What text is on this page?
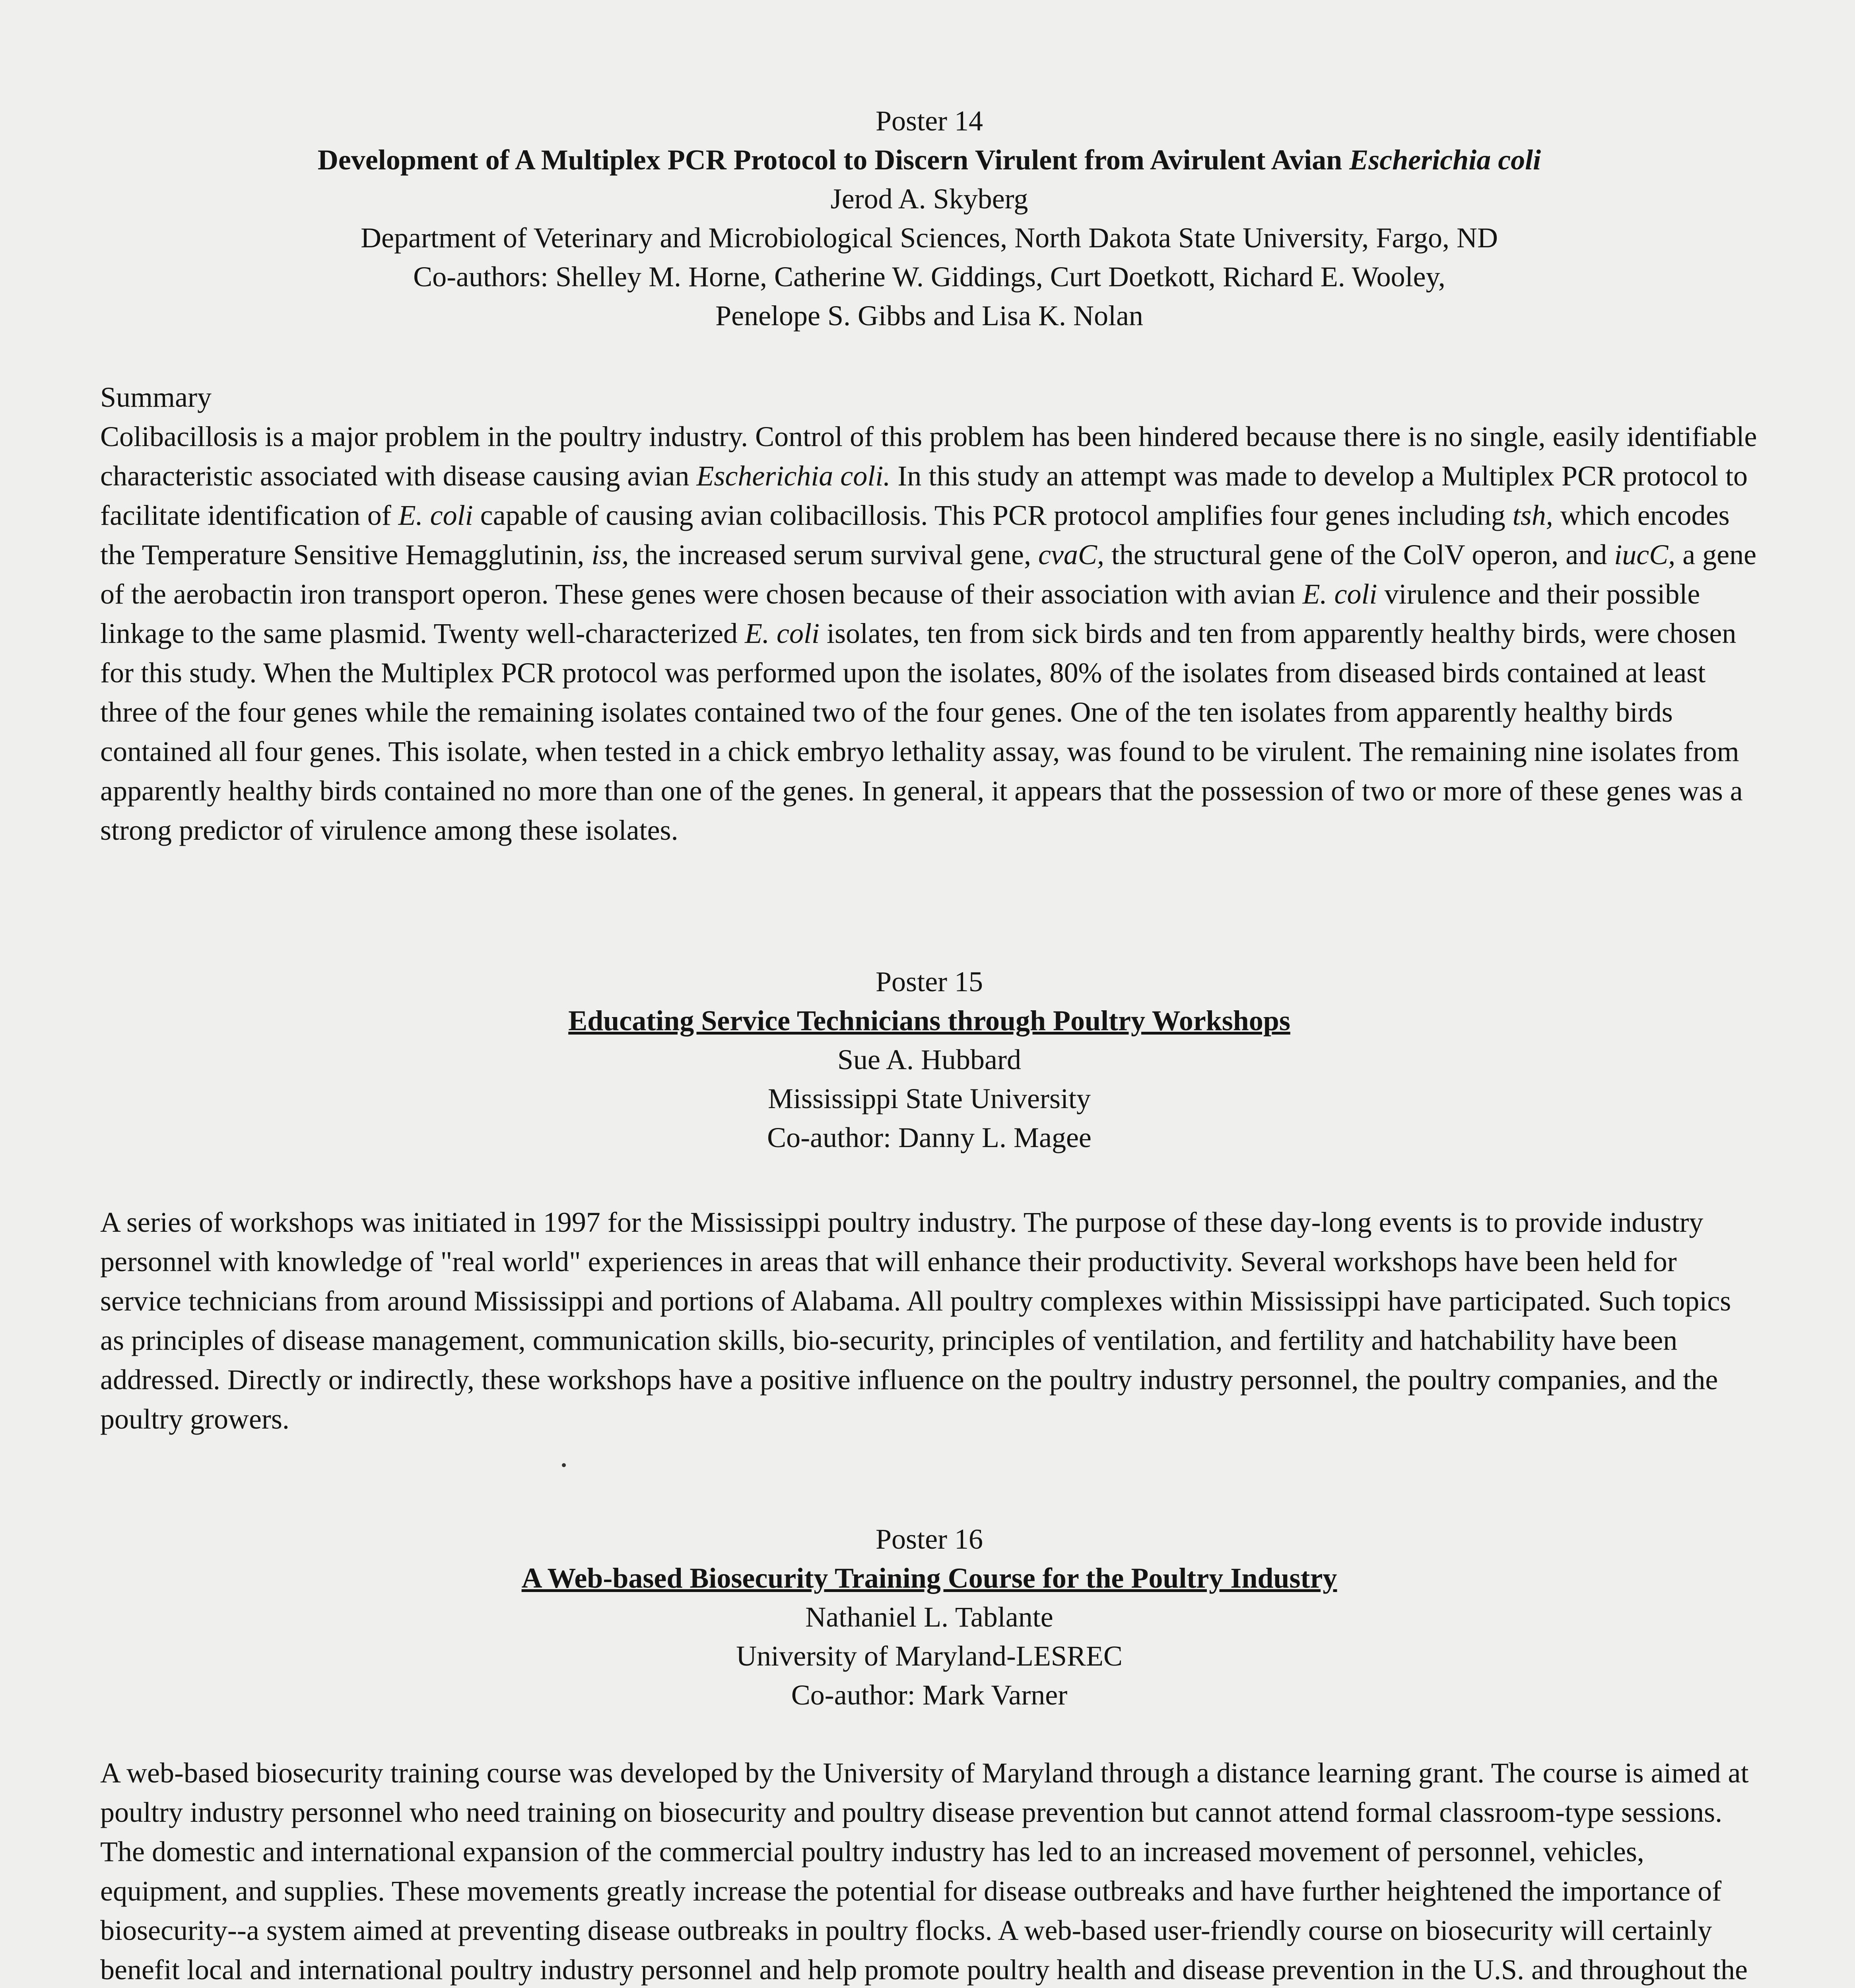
Poster 14
Development of A Multiplex PCR Protocol to Discern Virulent from Avirulent Avian Escherichia coli
Jerod A. Skyberg
Department of Veterinary and Microbiological Sciences, North Dakota State University, Fargo, ND
Co-authors: Shelley M. Horne, Catherine W. Giddings, Curt Doetkott, Richard E. Wooley,
Penelope S. Gibbs and Lisa K. Nolan
Summary

Colibacillosis is a major problem in the poultry industry. Control of this problem has been hindered because there is no single, easily identifiable characteristic associated with disease causing avian Escherichia coli. In this study an attempt was made to develop a Multiplex PCR protocol to facilitate identification of E. coli capable of causing avian colibacillosis. This PCR protocol amplifies four genes including tsh, which encodes the Temperature Sensitive Hemagglutinin, iss, the increased serum survival gene, cvaC, the structural gene of the ColV operon, and iucC, a gene of the aerobactin iron transport operon. These genes were chosen because of their association with avian E. coli virulence and their possible linkage to the same plasmid. Twenty well-characterized E. coli isolates, ten from sick birds and ten from apparently healthy birds, were chosen for this study. When the Multiplex PCR protocol was performed upon the isolates, 80% of the isolates from diseased birds contained at least three of the four genes while the remaining isolates contained two of the four genes. One of the ten isolates from apparently healthy birds contained all four genes. This isolate, when tested in a chick embryo lethality assay, was found to be virulent. The remaining nine isolates from apparently healthy birds contained no more than one of the genes. In general, it appears that the possession of two or more of these genes was a strong predictor of virulence among these isolates.

Poster 15
Educating Service Technicians through Poultry Workshops
Sue A. Hubbard
Mississippi State University
Co-author: Danny L. Magee

A series of workshops was initiated in 1997 for the Mississippi poultry industry. The purpose of these day-long events is to provide industry personnel with knowledge of "real world" experiences in areas that will enhance their productivity. Several workshops have been held for service technicians from around Mississippi and portions of Alabama. All poultry complexes within Mississippi have participated. Such topics as principles of disease management, communication skills, bio-security, principles of ventilation, and fertility and hatchability have been addressed. Directly or indirectly, these workshops have a positive influence on the poultry industry personnel, the poultry companies, and the poultry growers.

Poster 16
A Web-based Biosecurity Training Course for the Poultry Industry
Nathaniel L. Tablante
University of Maryland-LESREC
Co-author: Mark Varner

A web-based biosecurity training course was developed by the University of Maryland through a distance learning grant. The course is aimed at poultry industry personnel who need training on biosecurity and poultry disease prevention but cannot attend formal classroom-type sessions. The domestic and international expansion of the commercial poultry industry has led to an increased movement of personnel, vehicles, equipment, and supplies. These movements greatly increase the potential for disease outbreaks and have further heightened the importance of biosecurity--a system aimed at preventing disease outbreaks in poultry flocks. A web-based user-friendly course on biosecurity will certainly benefit local and international poultry industry personnel and help promote poultry health and disease prevention in the U.S. and throughout the
